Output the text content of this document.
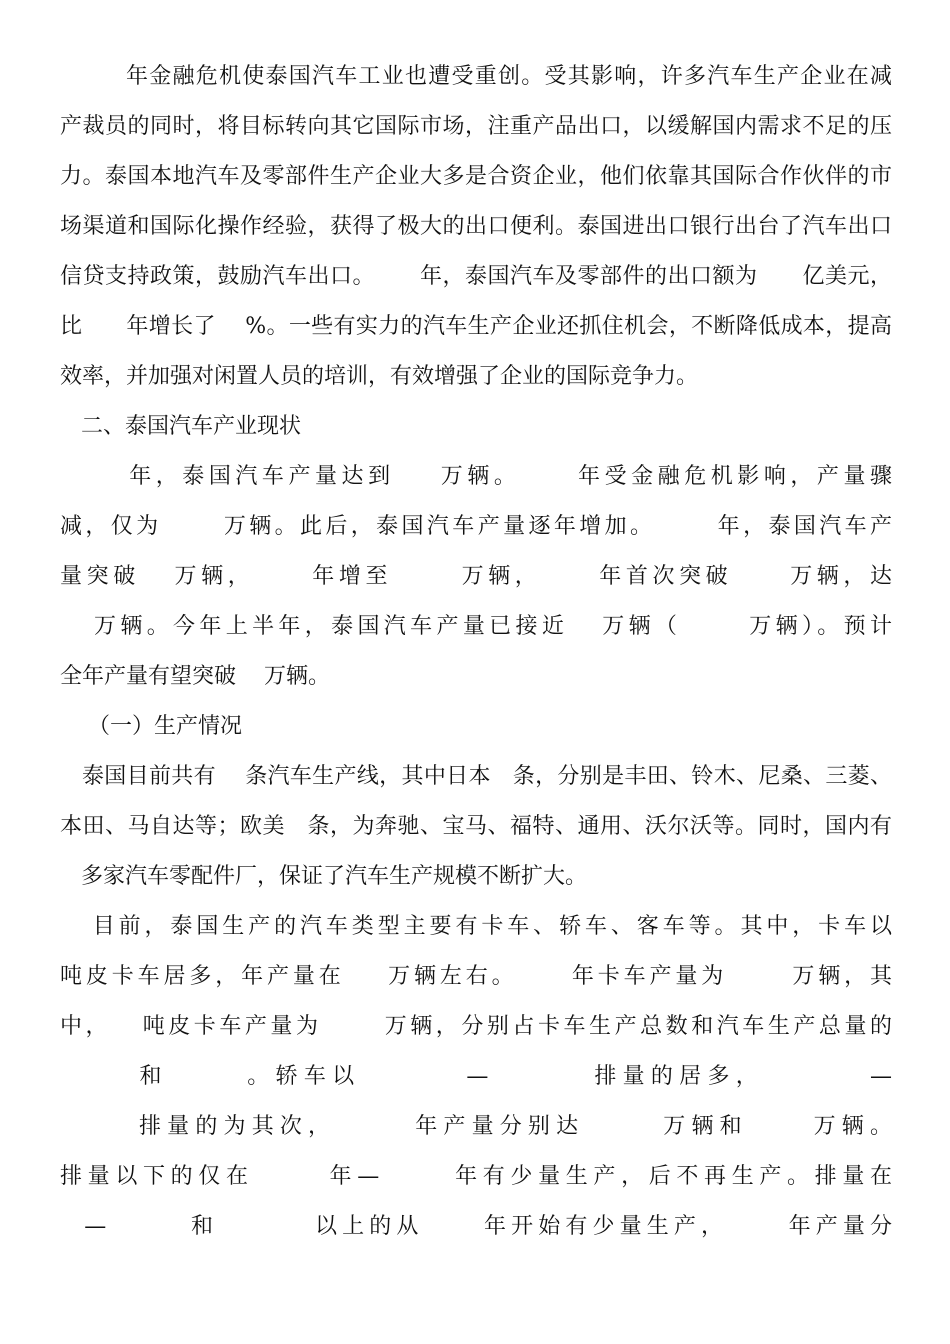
年金融危机使泰国汽车工业也遭受重创。受其影响，许多汽车生产企业在减
产裁员的同时，将目标转向其它国际市场，注重产品出口，以缓解国内需求不足的压
力。泰国本地汽车及零部件生产企业大多是合资企业，他们依靠其国际合作伙伴的市
场渠道和国际化操作经验，获得了极大的出口便利。泰国进出口银行出台了汽车出口
信贷支持政策，鼓励汽车出口。      年，泰国汽车及零部件的出口额为      亿美元，
比      年增长了    %。一些有实力的汽车生产企业还抓住机会，不断降低成本，提高
效率，并加强对闲置人员的培训，有效增强了企业的国际竞争力。
二、泰国汽车产业现状
年，泰国汽车产量达到    万辆。     年受金融危机影响，产量骤
减，仅为      万辆。此后，泰国汽车产量逐年增加。      年，泰国汽车产
量突破   万辆，     年增至      万辆，     年首次突破     万辆，达
万辆。今年上半年，泰国汽车产量已接近   万辆（      万辆）。预计
全年产量有望突破    万辆。
（一）生产情况
泰国目前共有    条汽车生产线，其中日本   条，分别是丰田、铃木、尼桑、三菱、
本田、马自达等；欧美   条，为奔驰、宝马、福特、通用、沃尔沃等。同时，国内有
多家汽车零配件厂，保证了汽车生产规模不断扩大。
目前，泰国生产的汽车类型主要有卡车、轿车、客车等。其中，卡车以
吨皮卡车居多，年产量在    万辆左右。     年卡车产量为      万辆，其
中，   吨皮卡车产量为      万辆，分别占卡车生产总数和汽车生产总量的
和      。轿车以        —        排量的居多，        —
排量的为其次，      年产量分别达      万辆和     万辆。
排量以下的仅在      年—      年有少量生产，后不再生产。排量在
—       和        以上的从     年开始有少量生产，     年产量分
